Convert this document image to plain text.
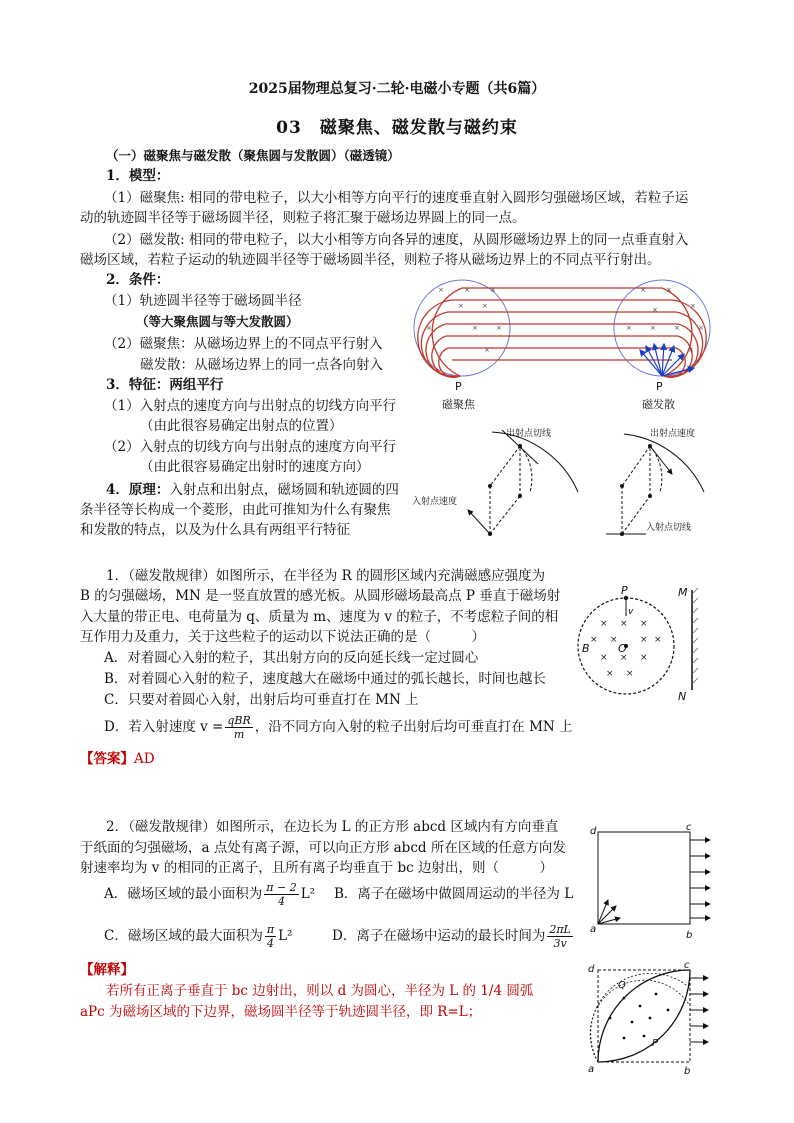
2025届物理总复习·二轮·电磁小专题（共6篇）
03　磁聚焦、磁发散与磁约束
（一）磁聚焦与磁发散（聚焦圆与发散圆）（磁透镜）
1．模型：
（1）磁聚焦: 相同的带电粒子，以大小相等方向平行的速度垂直射入圆形匀强磁场区域，若粒子运
动的轨迹圆半径等于磁场圆半径，则粒子将汇聚于磁场边界圆上的同一点。
（2）磁发散: 相同的带电粒子，以大小相等方向各异的速度，从圆形磁场边界上的同一点垂直射入
磁场区域，若粒子运动的轨迹圆半径等于磁场圆半径，则粒子将从磁场边界上的不同点平行射出。
2．条件：
（1）轨迹圆半径等于磁场圆半径
（等大聚焦圆与等大发散圆）
（2）磁聚焦：从磁场边界上的不同点平行射入
磁发散：从磁场边界上的同一点各向射入
3．特征：两组平行
（1）入射点的速度方向与出射点的切线方向平行
（由此很容易确定出射点的位置）
（2）入射点的切线方向与出射点的速度方向平行
（由此很容易确定出射时的速度方向）
4．原理：入射点和出射点，磁场圆和轨迹圆的四
条半径等长构成一个菱形，由此可推知为什么有聚焦
和发散的特点，以及为什么具有两组平行特征
×	×	×
×
×	×
×	×
×
×	×
×
×
×	×
×	×
×
P	P
磁聚焦	磁发散
出射点切线
入射点速度
出射点速度
入射点切线
1．（磁发散规律）如图所示，在半径为 R 的圆形区域内充满磁感应强度为
B 的匀强磁场，MN 是一竖直放置的感光板。从圆形磁场最高点 P 垂直于磁场射
入大量的带正电、电荷量为 q、质量为 m、速度为 v 的粒子，不考虑粒子间的相
互作用力及重力，关于这些粒子的运动以下说法正确的是（　　　）
A．对着圆心入射的粒子，其出射方向的反向延长线一定过圆心
B．对着圆心入射的粒子，速度越大在磁场中通过的弧长越长，时间也越长
C．只要对着圆心入射，出射后均可垂直打在 MN 上
D．若入射速度 $v = \frac{\text{qBR}}{m}$ ，沿不同方向入射的粒子出射后均可垂直打在 MN 上
【答案】AD
× × ×
× × × ×
× × ×
× ×
P
v
B	O
M
N
2．（磁发散规律）如图所示，在边长为 L 的正方形 abcd 区域内有方向垂直
于纸面的匀强磁场，a 点处有离子源，可以向正方形 abcd 所在区域的任意方向发
射速率均为 v 的相同的正离子，且所有离子均垂直于 bc 边射出，则（　　　）
A．磁场区域的最小面积为 $\frac{\pi - 2}{4} L^2$ B．离子在磁场中做圆周运动的半径为 L
C．磁场区域的最大面积为 $\frac{\pi}{4} L^2$	D．离子在磁场中运动的最长时间为 $\frac{2\pi L}{3v}$
【解释】
若所有正离子垂直于 bc 边射出，则以 d 为圆心，半径为 L 的 1/4 圆弧
aPc 为磁场区域的下边界，磁场圆半径等于轨迹圆半径，即 R=L；
d	c
a
b
d	c
a	b
Q
P
